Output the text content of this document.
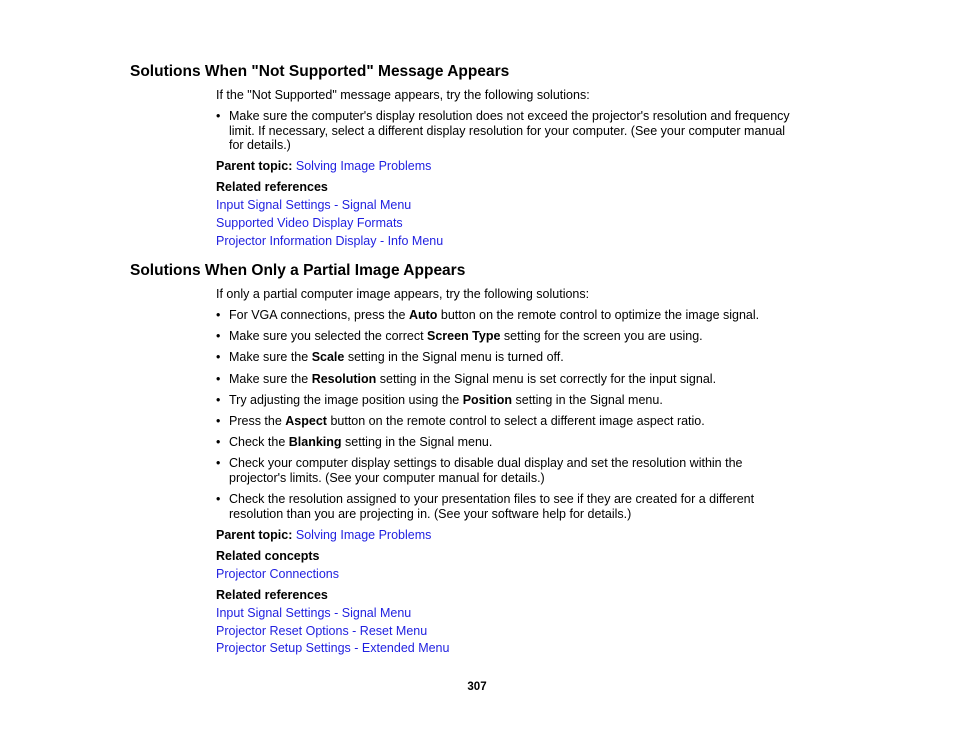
Solutions When "Not Supported" Message Appears

If the "Not Supported" message appears, try the following solutions:

• Make sure the computer's display resolution does not exceed the projector's resolution and frequency
limit. If necessary, select a different display resolution for your computer. (See your computer manual
for details.)

Parent topic: Solving Image Problems

Related references

Input Signal Settings - Signal Menu
Supported Video Display Formats
Projector Information Display - Info Menu
Solutions When Only a Partial Image Appears

If only a partial computer image appears, try the following solutions:

• For VGA connections, press the Auto button on the remote control to optimize the image signal.
• Make sure you selected the correct Screen Type setting for the screen you are using.
• Make sure the Scale setting in the Signal menu is turned off.
• Make sure the Resolution setting in the Signal menu is set correctly for the input signal.
• Try adjusting the image position using the Position setting in the Signal menu.
• Press the Aspect button on the remote control to select a different image aspect ratio.
• Check the Blanking setting in the Signal menu.
• Check your computer display settings to disable dual display and set the resolution within the
projector's limits. (See your computer manual for details.)
• Check the resolution assigned to your presentation files to see if they are created for a different
resolution than you are projecting in. (See your software help for details.)

Parent topic: Solving Image Problems

Related concepts

Projector Connections

Related references

Input Signal Settings - Signal Menu
Projector Reset Options - Reset Menu
Projector Setup Settings - Extended Menu
307
